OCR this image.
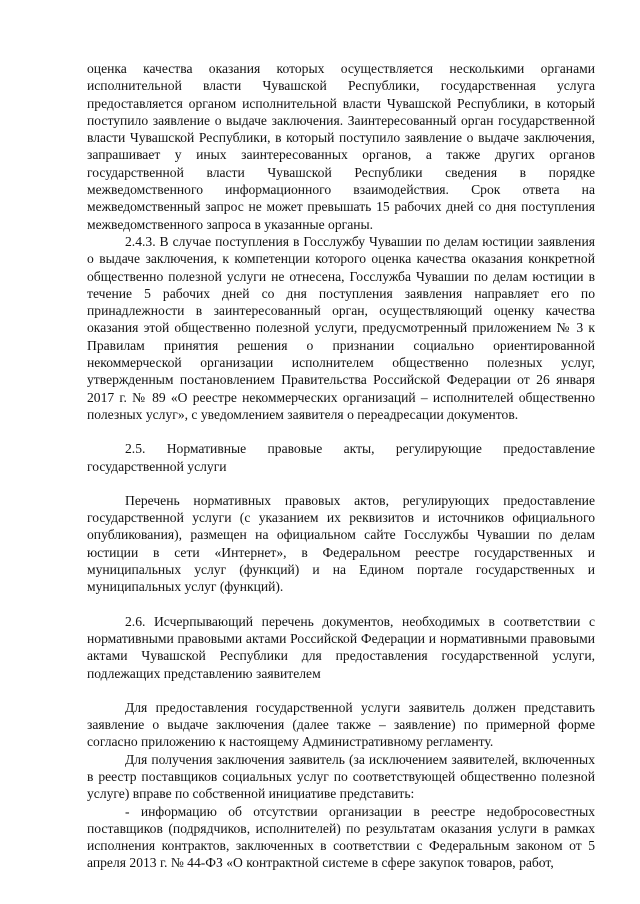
оценка качества оказания которых осуществляется несколькими органами исполнительной власти Чувашской Республики, государственная услуга предоставляется органом исполнительной власти Чувашской Республики, в который поступило заявление о выдаче заключения. Заинтересованный орган государственной власти Чувашской Республики, в который поступило заявление о выдаче заключения, запрашивает у иных заинтересованных органов, а также других органов государственной власти Чувашской Республики сведения в порядке межведомственного информационного взаимодействия. Срок ответа на межведомственный запрос не может превышать 15 рабочих дней со дня поступления межведомственного запроса в указанные органы.

2.4.3. В случае поступления в Госслужбу Чувашии по делам юстиции заявления о выдаче заключения, к компетенции которого оценка качества оказания конкретной общественно полезной услуги не отнесена, Госслужба Чувашии по делам юстиции в течение 5 рабочих дней со дня поступления заявления направляет его по принадлежности в заинтересованный орган, осуществляющий оценку качества оказания этой общественно полезной услуги, предусмотренный приложением № 3 к Правилам принятия решения о признании социально ориентированной некоммерческой организации исполнителем общественно полезных услуг, утвержденным постановлением Правительства Российской Федерации от 26 января 2017 г. № 89 «О реестре некоммерческих организаций – исполнителей общественно полезных услуг», с уведомлением заявителя о переадресации документов.

2.5. Нормативные правовые акты, регулирующие предоставление государственной услуги

Перечень нормативных правовых актов, регулирующих предоставление государственной услуги (с указанием их реквизитов и источников официального опубликования), размещен на официальном сайте Госслужбы Чувашии по делам юстиции в сети «Интернет», в Федеральном реестре государственных и муниципальных услуг (функций) и на Едином портале государственных и муниципальных услуг (функций).

2.6. Исчерпывающий перечень документов, необходимых в соответствии с нормативными правовыми актами Российской Федерации и нормативными правовыми актами Чувашской Республики для предоставления государственной услуги, подлежащих представлению заявителем

Для предоставления государственной услуги заявитель должен представить заявление о выдаче заключения (далее также – заявление) по примерной форме согласно приложению к настоящему Административному регламенту.

Для получения заключения заявитель (за исключением заявителей, включенных в реестр поставщиков социальных услуг по соответствующей общественно полезной услуге) вправе по собственной инициативе представить:

- информацию об отсутствии организации в реестре недобросовестных поставщиков (подрядчиков, исполнителей) по результатам оказания услуги в рамках исполнения контрактов, заключенных в соответствии с Федеральным законом от 5 апреля 2013 г. № 44-ФЗ «О контрактной системе в сфере закупок товаров, работ,
